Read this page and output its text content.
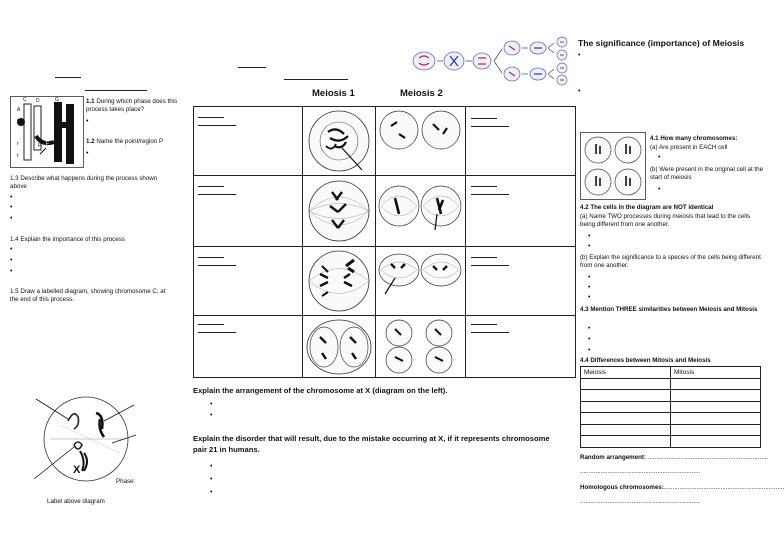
The significance (importance) of Meiosis
•
•
C
A
B
r
t
D
P
G
H
F
E
1.1 During which phase does this process takes place?
•
1.2 Name the point/region P
•
1.3 Describe what happens during the process shown above
•
•
•
1.4 Explain the importance of this process
•
•
•
1.5 Draw a labelled diagram, showing chromosome C, at the end of this process.
X
Phase:
Label above diagram
Meiosis 1	Meiosis 2
Explain the arrangement of the chromosome at X (diagram on the left).
•
•
Explain the disorder that will result, due to the mistake occurring at X, if it represents chromosome pair 21 in humans.
•
•
•
4.1 How many chromosomes:
(a) Are present in EACH cell
•
(b) Were present in the original cell at the start of meiosis
•
4.2 The cells in the diagram are NOT identical
(a) Name TWO processes during meiosis that lead to the cells being different from one another.
•
•
(b) Explain the significance to a species of the cells being different from one another.
•
•
•
4.3 Mention THREE similarities between Meiosis and Mitosis
•
•
•
4.4 Differences between Mitosis and Meiosis
Meiosis	Mitosis

Random arrangement: ......................................................................
......................................................................
Homologous chromosomes:......................................................................
......................................................................
